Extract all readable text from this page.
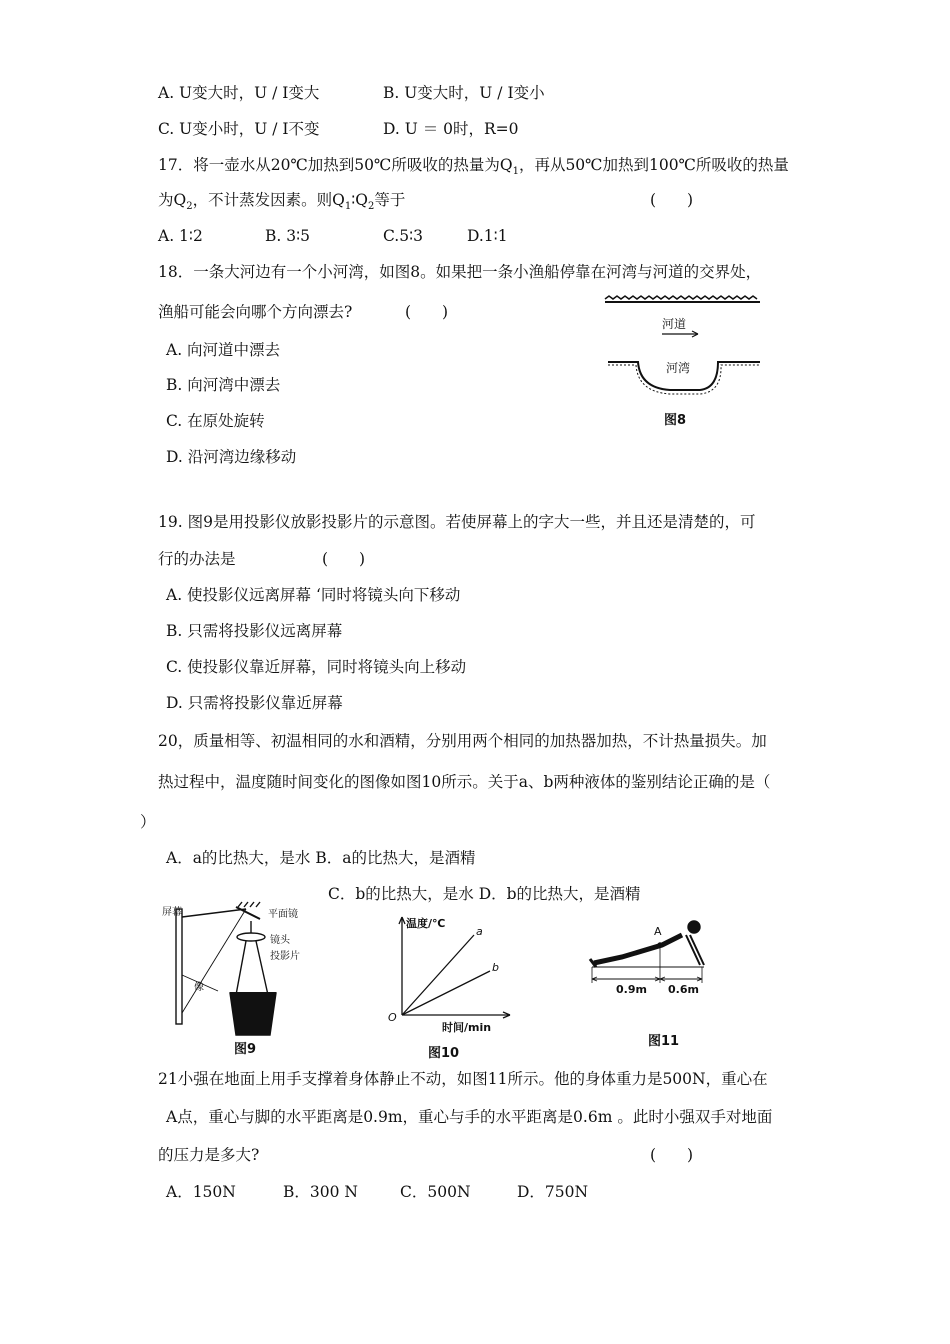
A. U变大时，U / I变大	B. U变大时，U / I变小
C. U变小时，U / I不变	D. U ＝ 0时，R=0
17．将一壶水从20℃加热到50℃所吸收的热量为$Q_1$，再从50℃加热到100℃所吸收的热量
为$Q_2$，不计蒸发因素。则$Q_1∶Q_2$等于	(　　)
A. 1∶2	B. 3∶5	C.5∶3	D.1∶1
18．一条大河边有一个小河湾，如图8。如果把一条小渔船停靠在河湾与河道的交界处，
渔船可能会向哪个方向漂去?	(　　)
A. 向河道中漂去
B. 向河湾中漂去
C. 在原处旋转
D. 沿河湾边缘移动
河道
河湾
图8
19. 图9是用投影仪放影投影片的示意图。若使屏幕上的字大一些，并且还是清楚的，可
行的办法是	(　　)
A. 使投影仪远离屏幕 ‘同时将镜头向下移动
B. 只需将投影仪远离屏幕
C. 使投影仪靠近屏幕，同时将镜头向上移动
D. 只需将投影仪靠近屏幕
20，质量相等、初温相同的水和酒精，分别用两个相同的加热器加热，不计热量损失。加
热过程中，温度随时间变化的图像如图10所示。关于a、b两种液体的鉴别结论正确的是（
）
A．a的比热大，是水 B．a的比热大，是酒精
C．b的比热大，是水 D．b的比热大，是酒精
屏幕	平面镜
镜头
投影片
像
图9
温度/℃
时间/min
O
a
b
图10
A
0.9m 0.6m
图11
21小强在地面上用手支撑着身体静止不动，如图11所示。他的身体重力是500N，重心在
A点，重心与脚的水平距离是0.9m，重心与手的水平距离是0.6m 。此时小强双手对地面
的压力是多大?	(　　)
A．150N	B．300 N	C．500N	D．750N
